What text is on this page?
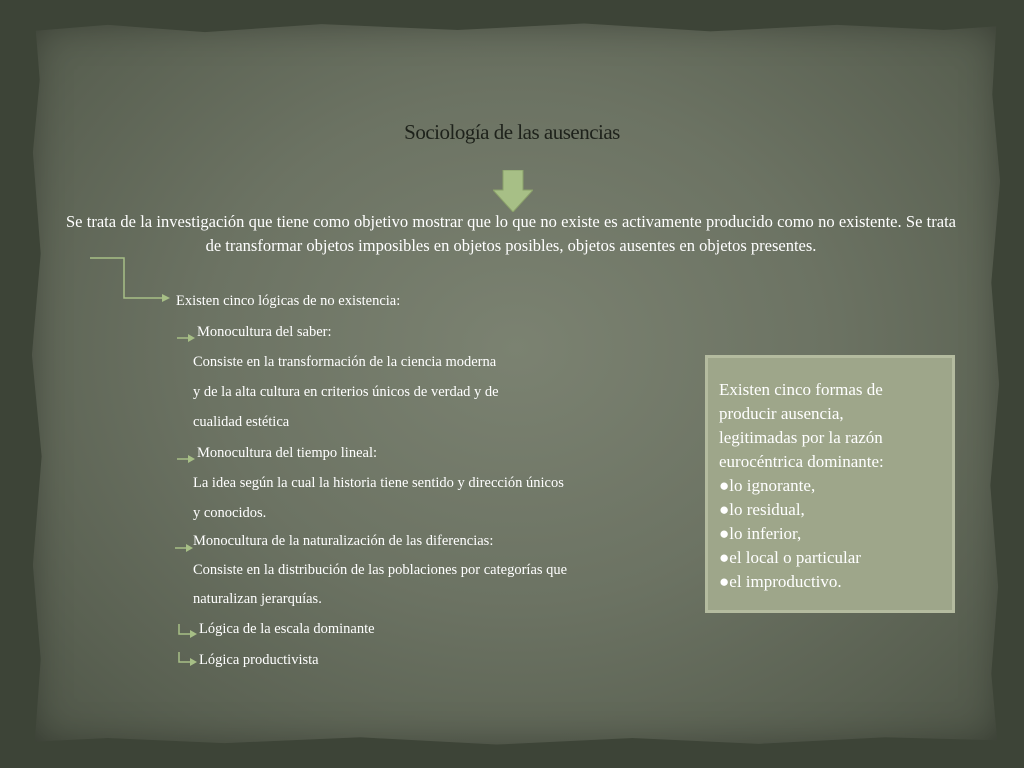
Sociología de las ausencias
Se trata de la investigación que tiene como objetivo mostrar que lo que no existe es activamente producido como no existente. Se trata de transformar objetos imposibles en objetos posibles, objetos ausentes en objetos presentes.
Existen cinco lógicas de no existencia:
Monocultura del saber:
Consiste en la transformación de la ciencia moderna
y de la alta cultura en criterios únicos de verdad y de
cualidad estética
Monocultura del tiempo lineal:
La idea según la cual la historia tiene sentido y dirección únicos
y conocidos.
Monocultura de la naturalización de las diferencias:
Consiste en la distribución de las poblaciones por categorías que
naturalizan jerarquías.
Lógica de la escala dominante
Lógica productivista
Existen cinco formas de
producir ausencia,
legitimadas por la razón
eurocéntrica dominante:
●lo ignorante,
●lo residual,
●lo inferior,
●el local o particular
●el improductivo.
